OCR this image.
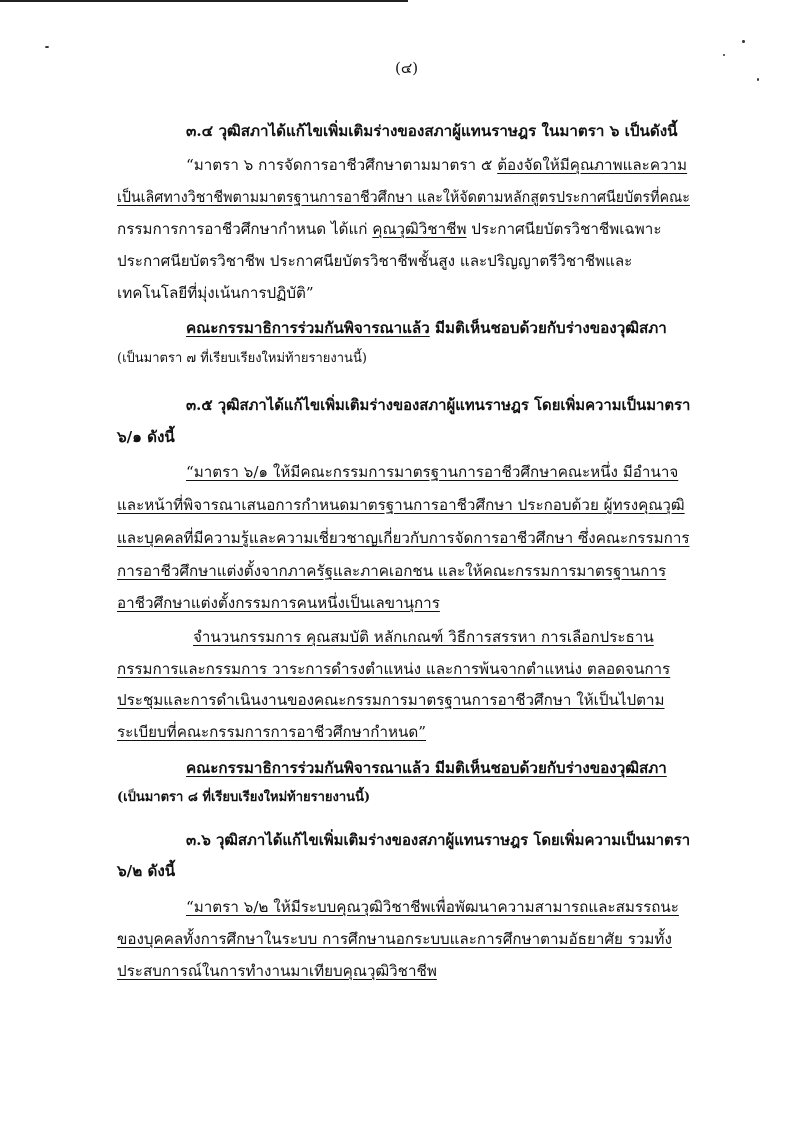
(๔)
๓.๔ วุฒิสภาได้แก้ไขเพิ่มเติมร่างของสภาผู้แทนราษฎร ในมาตรา ๖ เป็นดังนี้
“มาตรา ๖ การจัดการอาชีวศึกษาตามมาตรา ๕ ต้องจัดให้มีคุณภาพและความ
เป็นเลิศทางวิชาชีพตามมาตรฐานการอาชีวศึกษา และให้จัดตามหลักสูตรประกาศนียบัตรที่คณะ
กรรมการการอาชีวศึกษากำหนด ได้แก่ คุณวุฒิวิชาชีพ ประกาศนียบัตรวิชาชีพเฉพาะ
ประกาศนียบัตรวิชาชีพ ประกาศนียบัตรวิชาชีพชั้นสูง และปริญญาตรีวิชาชีพและ
เทคโนโลยีที่มุ่งเน้นการปฏิบัติ”
คณะกรรมาธิการร่วมกันพิจารณาแล้ว มีมติเห็นชอบด้วยกับร่างของวุฒิสภา
(เป็นมาตรา ๗ ที่เรียบเรียงใหม่ท้ายรายงานนี้)
๓.๕ วุฒิสภาได้แก้ไขเพิ่มเติมร่างของสภาผู้แทนราษฎร โดยเพิ่มความเป็นมาตรา
๖/๑ ดังนี้
“มาตรา ๖/๑ ให้มีคณะกรรมการมาตรฐานการอาชีวศึกษาคณะหนึ่ง มีอำนาจ
และหน้าที่พิจารณาเสนอการกำหนดมาตรฐานการอาชีวศึกษา ประกอบด้วย ผู้ทรงคุณวุฒิ
และบุคคลที่มีความรู้และความเชี่ยวชาญเกี่ยวกับการจัดการอาชีวศึกษา ซึ่งคณะกรรมการ
การอาชีวศึกษาแต่งตั้งจากภาครัฐและภาคเอกชน และให้คณะกรรมการมาตรฐานการ
อาชีวศึกษาแต่งตั้งกรรมการคนหนึ่งเป็นเลขานุการ
จำนวนกรรมการ คุณสมบัติ หลักเกณฑ์ วิธีการสรรหา การเลือกประธาน
กรรมการและกรรมการ วาระการดำรงตำแหน่ง และการพ้นจากตำแหน่ง ตลอดจนการ
ประชุมและการดำเนินงานของคณะกรรมการมาตรฐานการอาชีวศึกษา ให้เป็นไปตาม
ระเบียบที่คณะกรรมการการอาชีวศึกษากำหนด”
คณะกรรมาธิการร่วมกันพิจารณาแล้ว มีมติเห็นชอบด้วยกับร่างของวุฒิสภา
(เป็นมาตรา ๘ ที่เรียบเรียงใหม่ท้ายรายงานนี้)
๓.๖ วุฒิสภาได้แก้ไขเพิ่มเติมร่างของสภาผู้แทนราษฎร โดยเพิ่มความเป็นมาตรา
๖/๒ ดังนี้
“มาตรา ๖/๒ ให้มีระบบคุณวุฒิวิชาชีพเพื่อพัฒนาความสามารถและสมรรถนะ
ของบุคคลทั้งการศึกษาในระบบ การศึกษานอกระบบและการศึกษาตามอัธยาศัย รวมทั้ง
ประสบการณ์ในการทำงานมาเทียบคุณวุฒิวิชาชีพ
